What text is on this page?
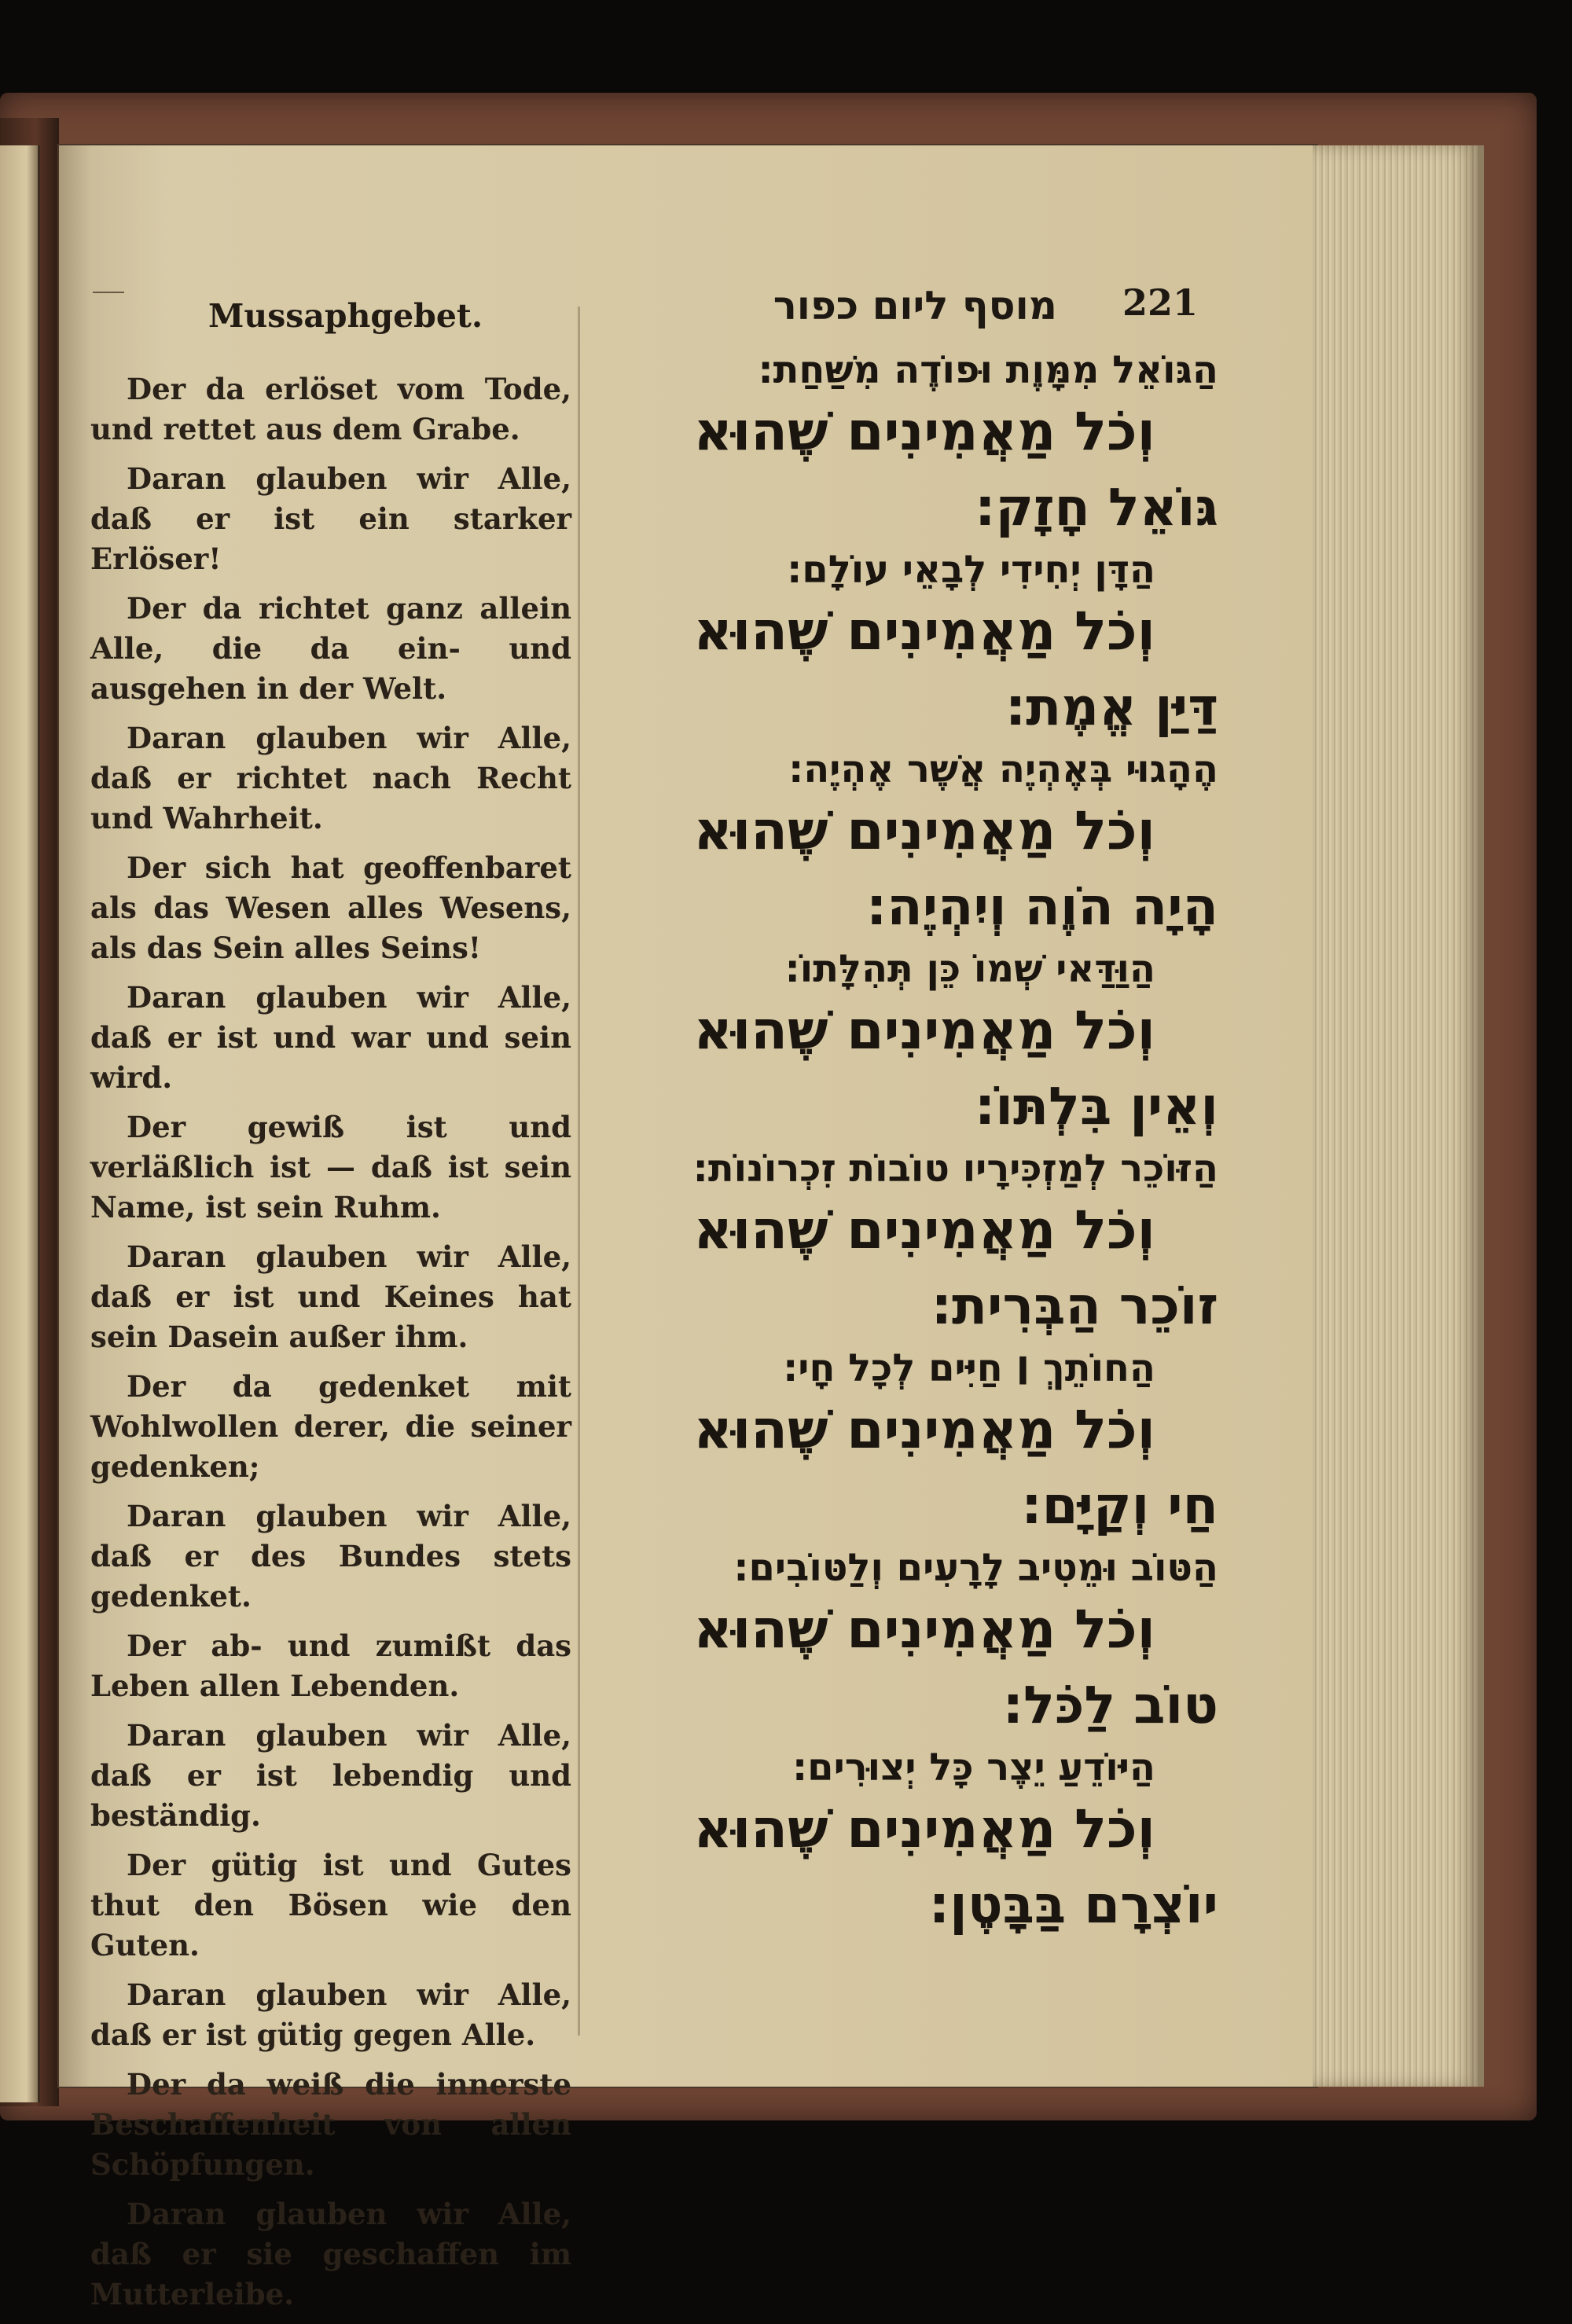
Mussaphgebet.

Der da erlöset vom Tode, und rettet aus dem Grabe.

Daran glauben wir Alle, daß er ist ein starker Erlöser!

Der da richtet ganz allein Alle, die da ein- und ausgehen in der Welt.

Daran glauben wir Alle, daß er richtet nach Recht und Wahrheit.

Der sich hat geoffenbaret als das Wesen alles Wesens, als das Sein alles Seins!

Daran glauben wir Alle, daß er ist und war und sein wird.

Der gewiß ist und verläßlich ist — daß ist sein Name, ist sein Ruhm.

Daran glauben wir Alle, daß er ist und Keines hat sein Dasein außer ihm.

Der da gedenket mit Wohlwollen derer, die seiner gedenken;

Daran glauben wir Alle, daß er des Bundes stets gedenket.

Der ab- und zumißt das Leben allen Lebenden.

Daran glauben wir Alle, daß er ist lebendig und beständig.

Der gütig ist und Gutes thut den Bösen wie den Guten.

Daran glauben wir Alle, daß er ist gütig gegen Alle.

Der da weiß die innerste Beschaffenheit von allen Schöpfungen.

Daran glauben wir Alle, daß er sie geschaffen im Mutterleibe.

221
מוסף ליום כפור
הַגּוֹאֵל מִמָּוֶת וּפוֹדֶה מִשַּׁחַת:
וְכֹל מַאֲמִינִים שֶׁהוּא
גּוֹאֵל חָזָק:
הַדָּן יְחִידִי לְבָאֵי עוֹלָם:
וְכֹל מַאֲמִינִים שֶׁהוּא
דַּיַּן אֱמֶת:
הֶהָגוּי בְּאֶהְיֶה אֲשֶׁר אֶהְיֶה:
וְכֹל מַאֲמִינִים שֶׁהוּא
הָיָה הֹוֶה וְיִהְיֶה:
הַוַּדַּאי שְׁמוֹ כֵּן תְּהִלָּתוֹ:
וְכֹל מַאֲמִינִים שֶׁהוּא
וְאֵין בִּלְתּוֹ:
הַזּוֹכֵר לְמַזְכִּירָיו טוֹבוֹת זִכְרוֹנוֹת:
וְכֹל מַאֲמִינִים שֶׁהוּא
זוֹכֵר הַבְּרִית:
הַחוֹתֵךְ ׀ חַיִּים לְכָל חָי:
וְכֹל מַאֲמִינִים שֶׁהוּא
חַי וְקַיָּם:
הַטּוֹב וּמֵטִיב לָרָעִים וְלַטּוֹבִים:
וְכֹל מַאֲמִינִים שֶׁהוּא
טוֹב לַכֹּל:
הַיּוֹדֵעַ יֵצֶר כָּל יְצוּרִים:
וְכֹל מַאֲמִינִים שֶׁהוּא
יוֹצְרָם בַּבָּטֶן:
